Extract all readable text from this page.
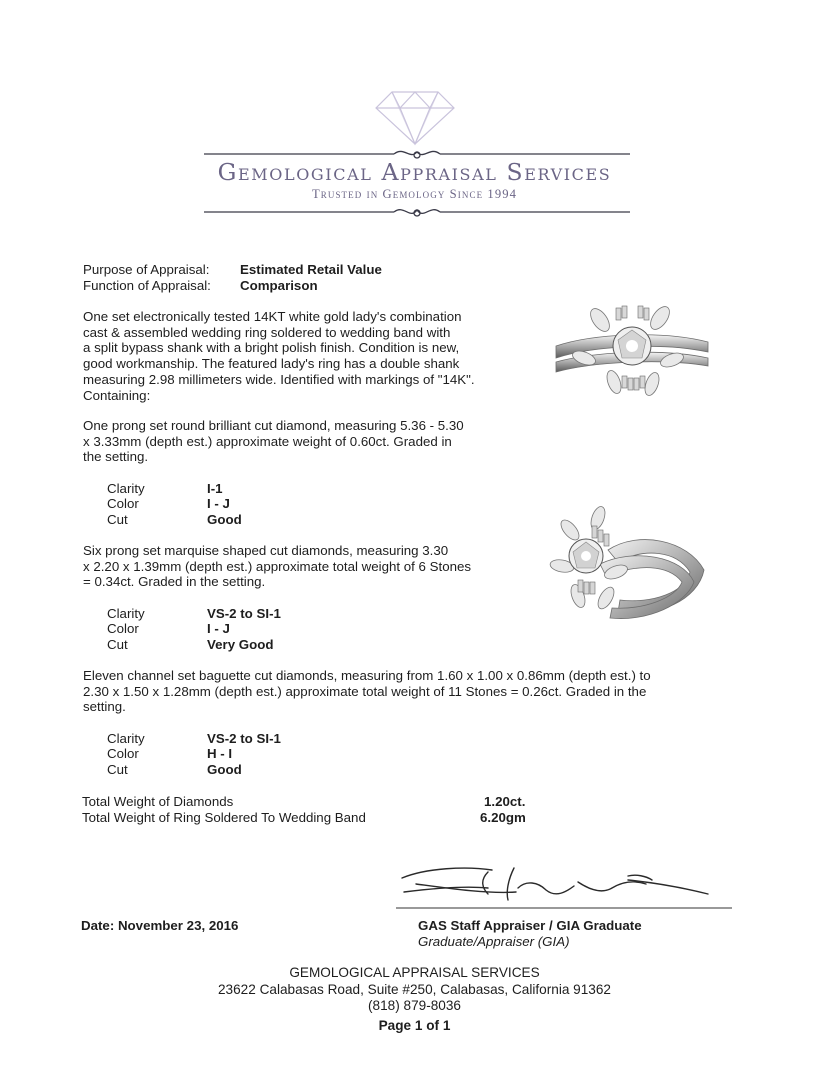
Gemological Appraisal Services
Trusted in Gemology Since 1994
Purpose of Appraisal: Estimated Retail Value
Function of Appraisal: Comparison
One set electronically tested 14KT white gold lady's combination
cast & assembled wedding ring soldered to wedding band with
a split bypass shank with a bright polish finish. Condition is new,
good workmanship. The featured lady's ring has a double shank
measuring 2.98 millimeters wide. Identified with markings of "14K".
Containing:
One prong set round brilliant cut diamond, measuring 5.36 - 5.30
x 3.33mm (depth est.) approximate weight of 0.60ct. Graded in
the setting.
Clarity	I-1
Color	I - J
Cut	Good
Six prong set marquise shaped cut diamonds, measuring 3.30
x 2.20 x 1.39mm (depth est.) approximate total weight of 6 Stones
= 0.34ct. Graded in the setting.
Clarity	VS-2 to SI-1
Color	I - J
Cut	Very Good
Eleven channel set baguette cut diamonds, measuring from 1.60 x 1.00 x 0.86mm (depth est.) to
2.30 x 1.50 x 1.28mm (depth est.) approximate total weight of 11 Stones = 0.26ct. Graded in the
setting.
Clarity	VS-2 to SI-1
Color	H - I
Cut	Good
Total Weight of Diamonds	1.20ct.
Total Weight of Ring Soldered To Wedding Band	6.20gm
Date: November 23, 2016	GAS Staff Appraiser / GIA Graduate
Graduate/Appraiser (GIA)
GEMOLOGICAL APPRAISAL SERVICES
23622 Calabasas Road, Suite #250, Calabasas, California 91362
(818) 879-8036
Page 1 of 1
